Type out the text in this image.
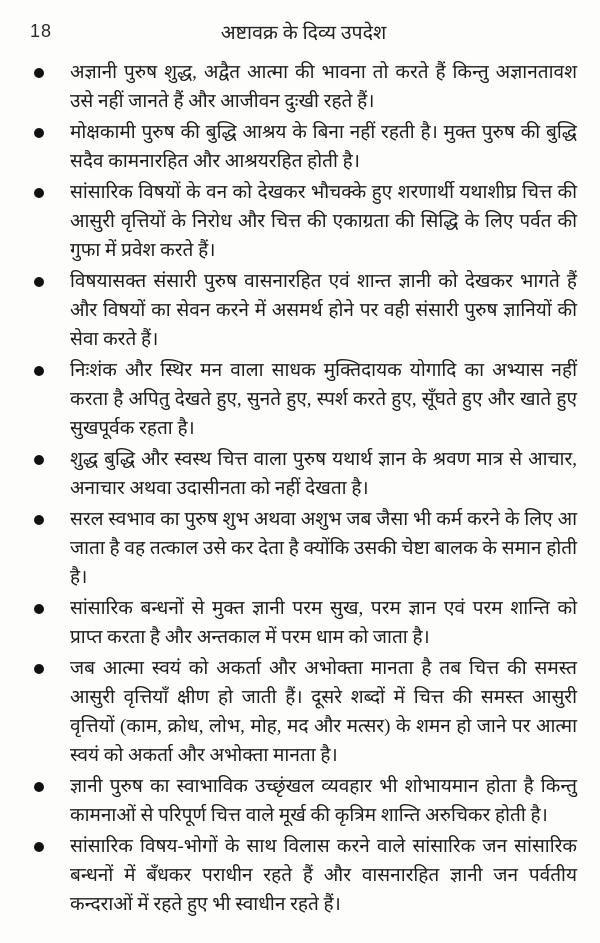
18	अष्टावक्र के दिव्य उपदेश
अज्ञानी पुरुष शुद्ध, अद्वैत आत्मा की भावना तो करते हैं किन्तु अज्ञानतावश उसे नहीं जानते हैं और आजीवन दुःखी रहते हैं।
मोक्षकामी पुरुष की बुद्धि आश्रय के बिना नहीं रहती है। मुक्त पुरुष की बुद्धि सदैव कामनारहित और आश्रयरहित होती है।
सांसारिक विषयों के वन को देखकर भौचक्के हुए शरणार्थी यथाशीघ्र चित्त की आसुरी वृत्तियों के निरोध और चित्त की एकाग्रता की सिद्धि के लिए पर्वत की गुफा में प्रवेश करते हैं।
विषयासक्त संसारी पुरुष वासनारहित एवं शान्त ज्ञानी को देखकर भागते हैं और विषयों का सेवन करने में असमर्थ होने पर वही संसारी पुरुष ज्ञानियों की सेवा करते हैं।
निःशंक और स्थिर मन वाला साधक मुक्तिदायक योगादि का अभ्यास नहीं करता है अपितु देखते हुए, सुनते हुए, स्पर्श करते हुए, सूँघते हुए और खाते हुए सुखपूर्वक रहता है।
शुद्ध बुद्धि और स्वस्थ चित्त वाला पुरुष यथार्थ ज्ञान के श्रवण मात्र से आचार, अनाचार अथवा उदासीनता को नहीं देखता है।
सरल स्वभाव का पुरुष शुभ अथवा अशुभ जब जैसा भी कर्म करने के लिए आ जाता है वह तत्काल उसे कर देता है क्योंकि उसकी चेष्टा बालक के समान होती है।
सांसारिक बन्धनों से मुक्त ज्ञानी परम सुख, परम ज्ञान एवं परम शान्ति को प्राप्त करता है और अन्तकाल में परम धाम को जाता है।
जब आत्मा स्वयं को अकर्ता और अभोक्ता मानता है तब चित्त की समस्त आसुरी वृत्तियाँ क्षीण हो जाती हैं। दूसरे शब्दों में चित्त की समस्त आसुरी वृत्तियों (काम, क्रोध, लोभ, मोह, मद और मत्सर) के शमन हो जाने पर आत्मा स्वयं को अकर्ता और अभोक्ता मानता है।
ज्ञानी पुरुष का स्वाभाविक उच्छृंखल व्यवहार भी शोभायमान होता है किन्तु कामनाओं से परिपूर्ण चित्त वाले मूर्ख की कृत्रिम शान्ति अरुचिकर होती है।
सांसारिक विषय-भोगों के साथ विलास करने वाले सांसारिक जन सांसारिक बन्धनों में बँधकर पराधीन रहते हैं और वासनारहित ज्ञानी जन पर्वतीय कन्दराओं में रहते हुए भी स्वाधीन रहते हैं।
